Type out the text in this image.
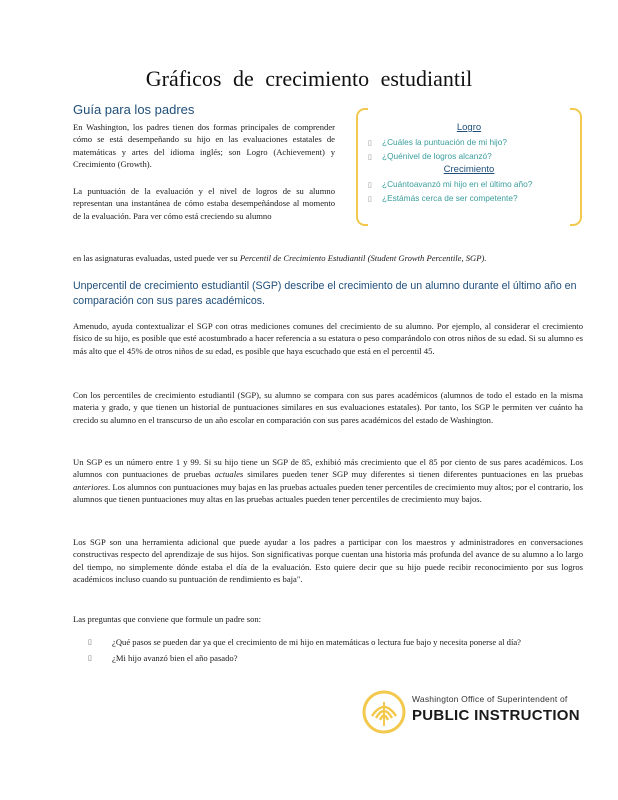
Gráficos de crecimiento estudiantil
Guía para los padres

En Washington, los padres tienen dos formas principales de comprender cómo se está desempeñando su hijo en las evaluaciones estatales de matemáticas y artes del idioma inglés; son Logro (Achievement) y Crecimiento (Growth).

La puntuación de la evaluación y el nivel de logros de su alumno representan una instantánea de cómo estaba desempeñándose al momento de la evaluación. Para ver cómo está creciendo su alumno

Logro

▯ ¿Cuáles la puntuación de mi hijo?
▯ ¿Quénivel de logros alcanzó?

Crecimiento

▯ ¿Cuántoavanzó mi hijo en el último año?
▯ ¿Estámás cerca de ser competente?

en las asignaturas evaluadas, usted puede ver su Percentil de Crecimiento Estudiantil (Student Growth Percentile, SGP).

Unpercentil de crecimiento estudiantil (SGP) describe el crecimiento de un alumno durante el último año en comparación con sus pares académicos.

Amenudo, ayuda contextualizar el SGP con otras mediciones comunes del crecimiento de su alumno. Por ejemplo, al considerar el crecimiento físico de su hijo, es posible que esté acostumbrado a hacer referencia a su estatura o peso comparándolo con otros niños de su edad. Si su alumno es más alto que el 45% de otros niños de su edad, es posible que haya escuchado que está en el percentil 45.

Con los percentiles de crecimiento estudiantil (SGP), su alumno se compara con sus pares académicos (alumnos de todo el estado en la misma materia y grado, y que tienen un historial de puntuaciones similares en sus evaluaciones estatales). Por tanto, los SGP le permiten ver cuánto ha crecido su alumno en el transcurso de un año escolar en comparación con sus pares académicos del estado de Washington.

Un SGP es un número entre 1 y 99. Si su hijo tiene un SGP de 85, exhibió más crecimiento que el 85 por ciento de sus pares académicos. Los alumnos con puntuaciones de pruebas actuales similares pueden tener SGP muy diferentes si tienen diferentes puntuaciones en las pruebas anteriores. Los alumnos con puntuaciones muy bajas en las pruebas actuales pueden tener percentiles de crecimiento muy altos; por el contrario, los alumnos que tienen puntuaciones muy altas en las pruebas actuales pueden tener percentiles de crecimiento muy bajos.

Los SGP son una herramienta adicional que puede ayudar a los padres a participar con los maestros y administradores en conversaciones constructivas respecto del aprendizaje de sus hijos. Son significativas porque cuentan una historia más profunda del avance de su alumno a lo largo del tiempo, no simplemente dónde estaba el día de la evaluación. Esto quiere decir que su hijo puede recibir reconocimiento por sus logros académicos incluso cuando su puntuación de rendimiento es baja".

Las preguntas que conviene que formule un padre son:

▯ ¿Qué pasos se pueden dar ya que el crecimiento de mi hijo en matemáticas o lectura fue bajo y necesita ponerse al día?
▯ ¿Mi hijo avanzó bien el año pasado?
Washington Office of Superintendent of
PUBLIC INSTRUCTION
